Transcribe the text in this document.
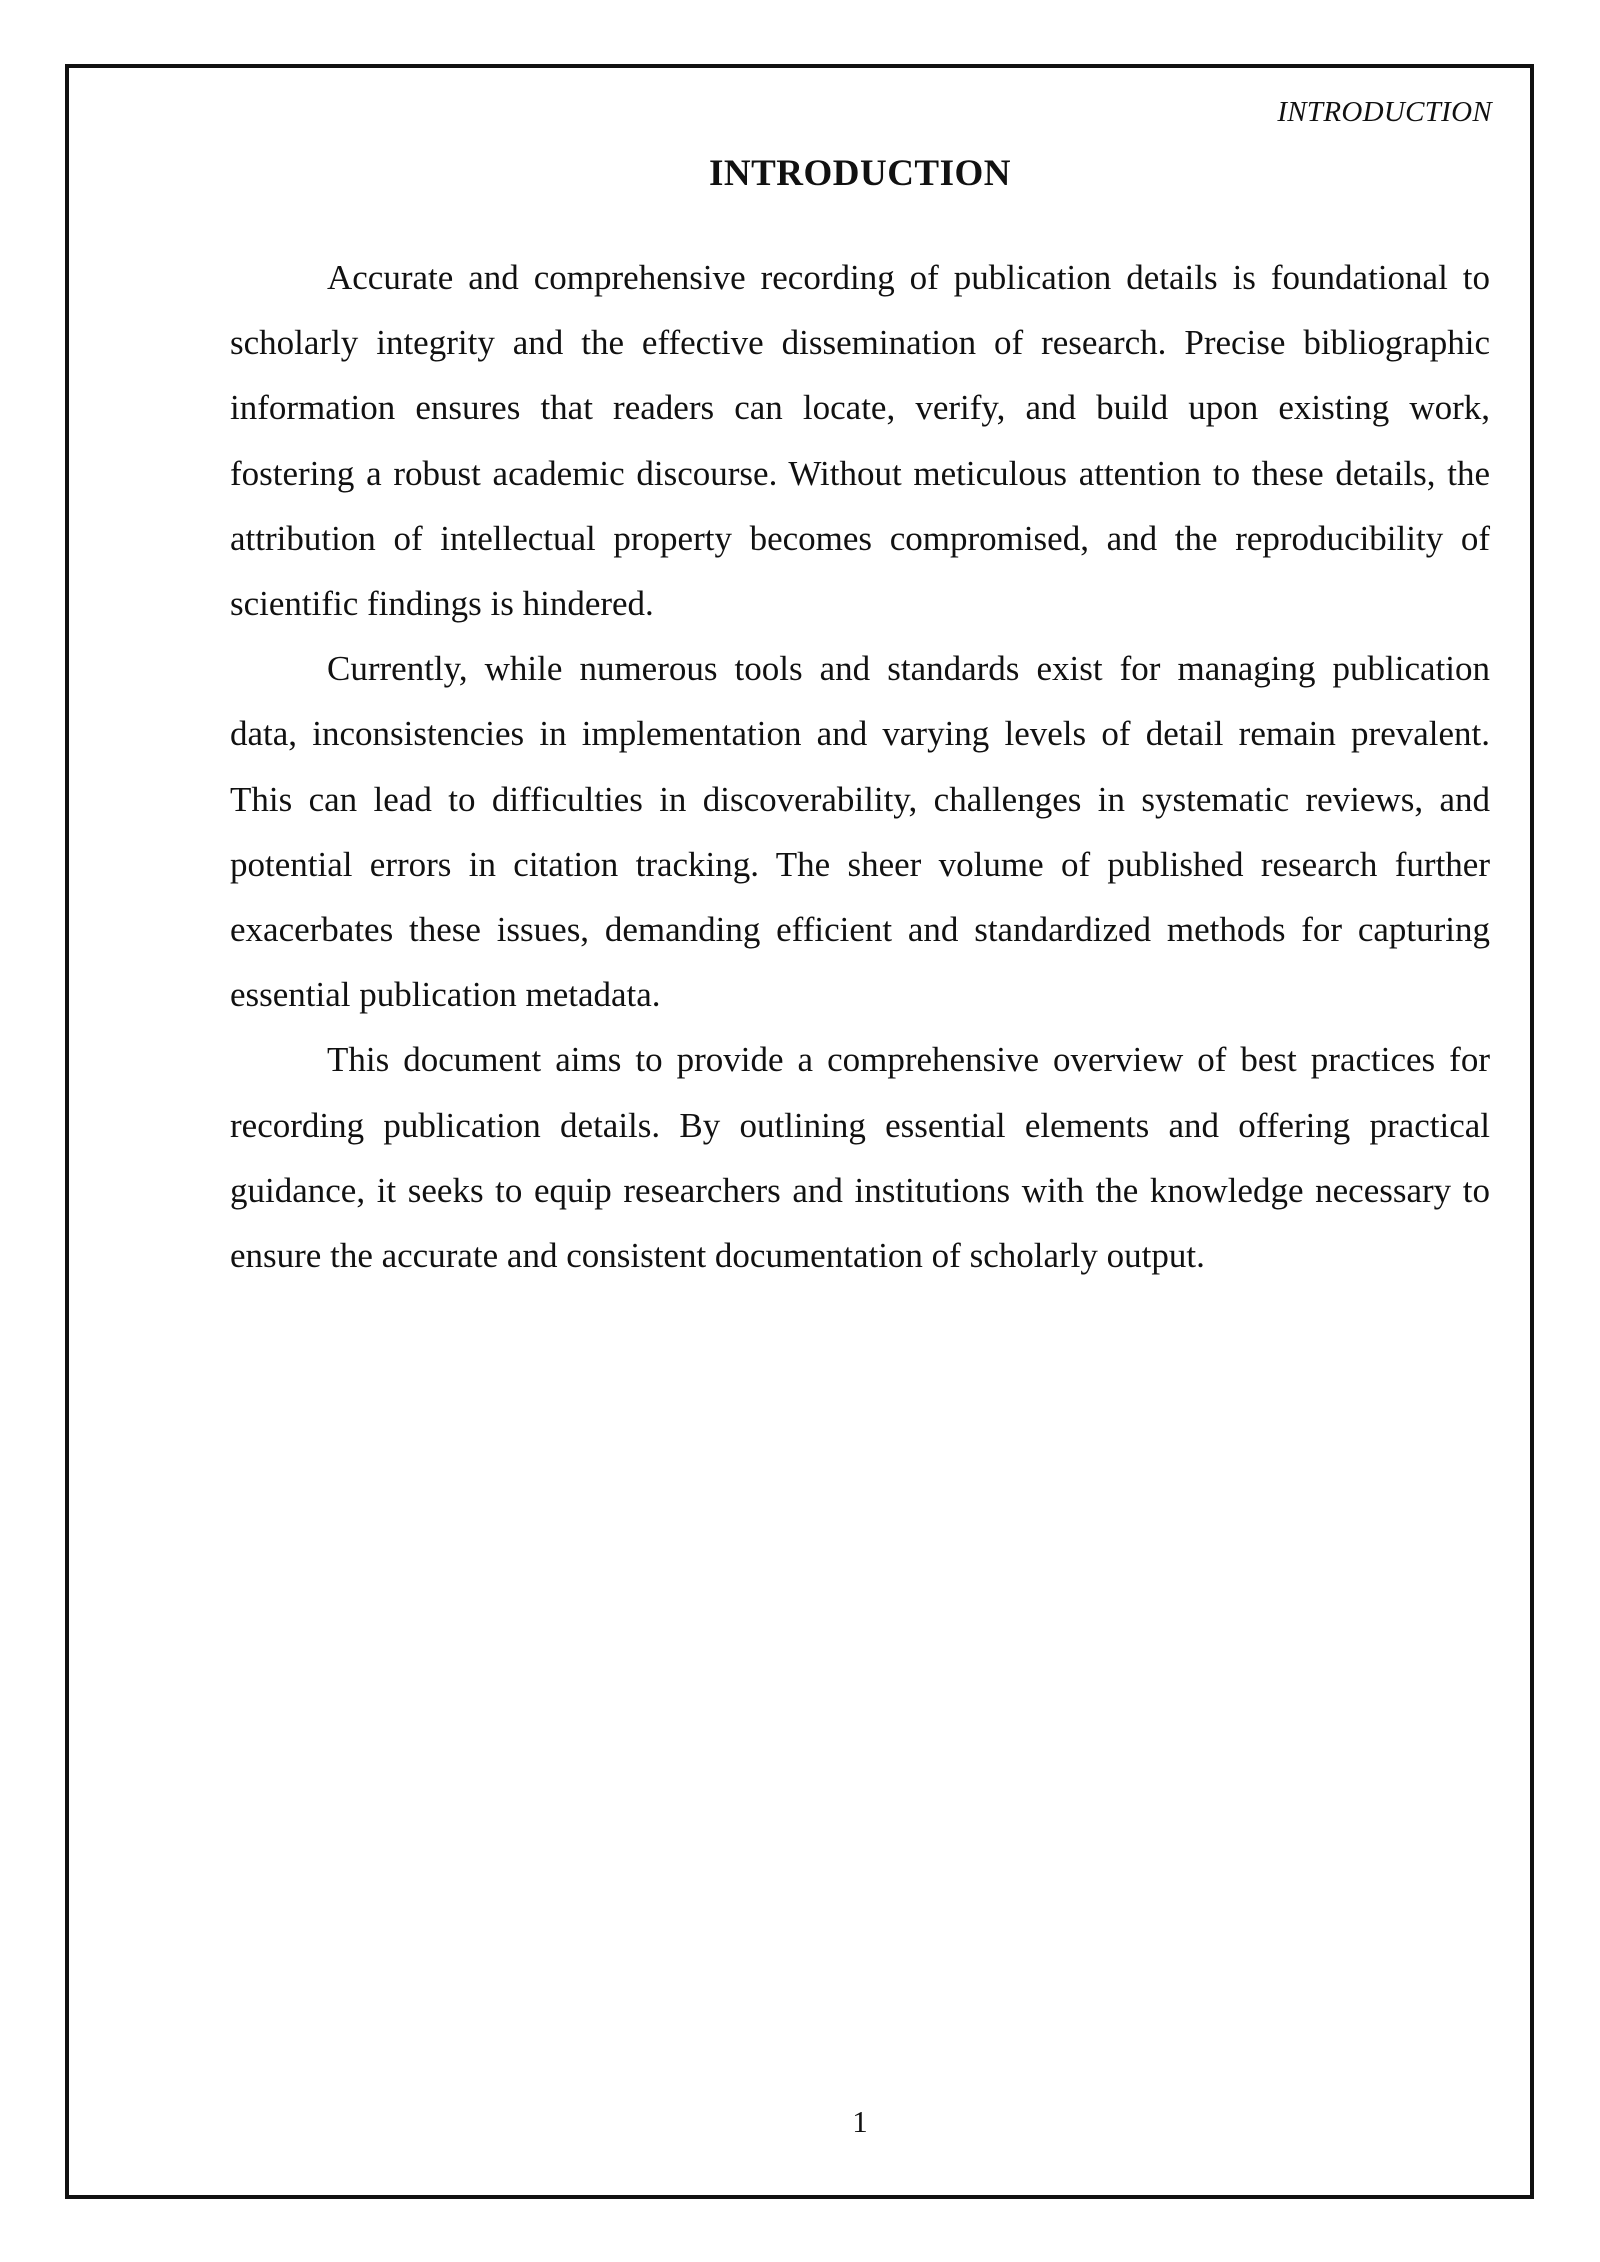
INTRODUCTION
INTRODUCTION

Accurate and comprehensive recording of publication details is foundational to scholarly integrity and the effective dissemination of research. Precise bibliographic information ensures that readers can locate, verify, and build upon existing work, fostering a robust academic discourse. Without meticulous attention to these details, the attribution of intellectual property becomes compromised, and the reproducibility of scientific findings is hindered.

Currently, while numerous tools and standards exist for managing publication data, inconsistencies in implementation and varying levels of detail remain prevalent. This can lead to difficulties in discoverability, challenges in systematic reviews, and potential errors in citation tracking. The sheer volume of published research further exacerbates these issues, demanding efficient and standardized methods for capturing essential publication metadata.

This document aims to provide a comprehensive overview of best practices for recording publication details. By outlining essential elements and offering practical guidance, it seeks to equip researchers and institutions with the knowledge necessary to ensure the accurate and consistent documentation of scholarly output.

1
